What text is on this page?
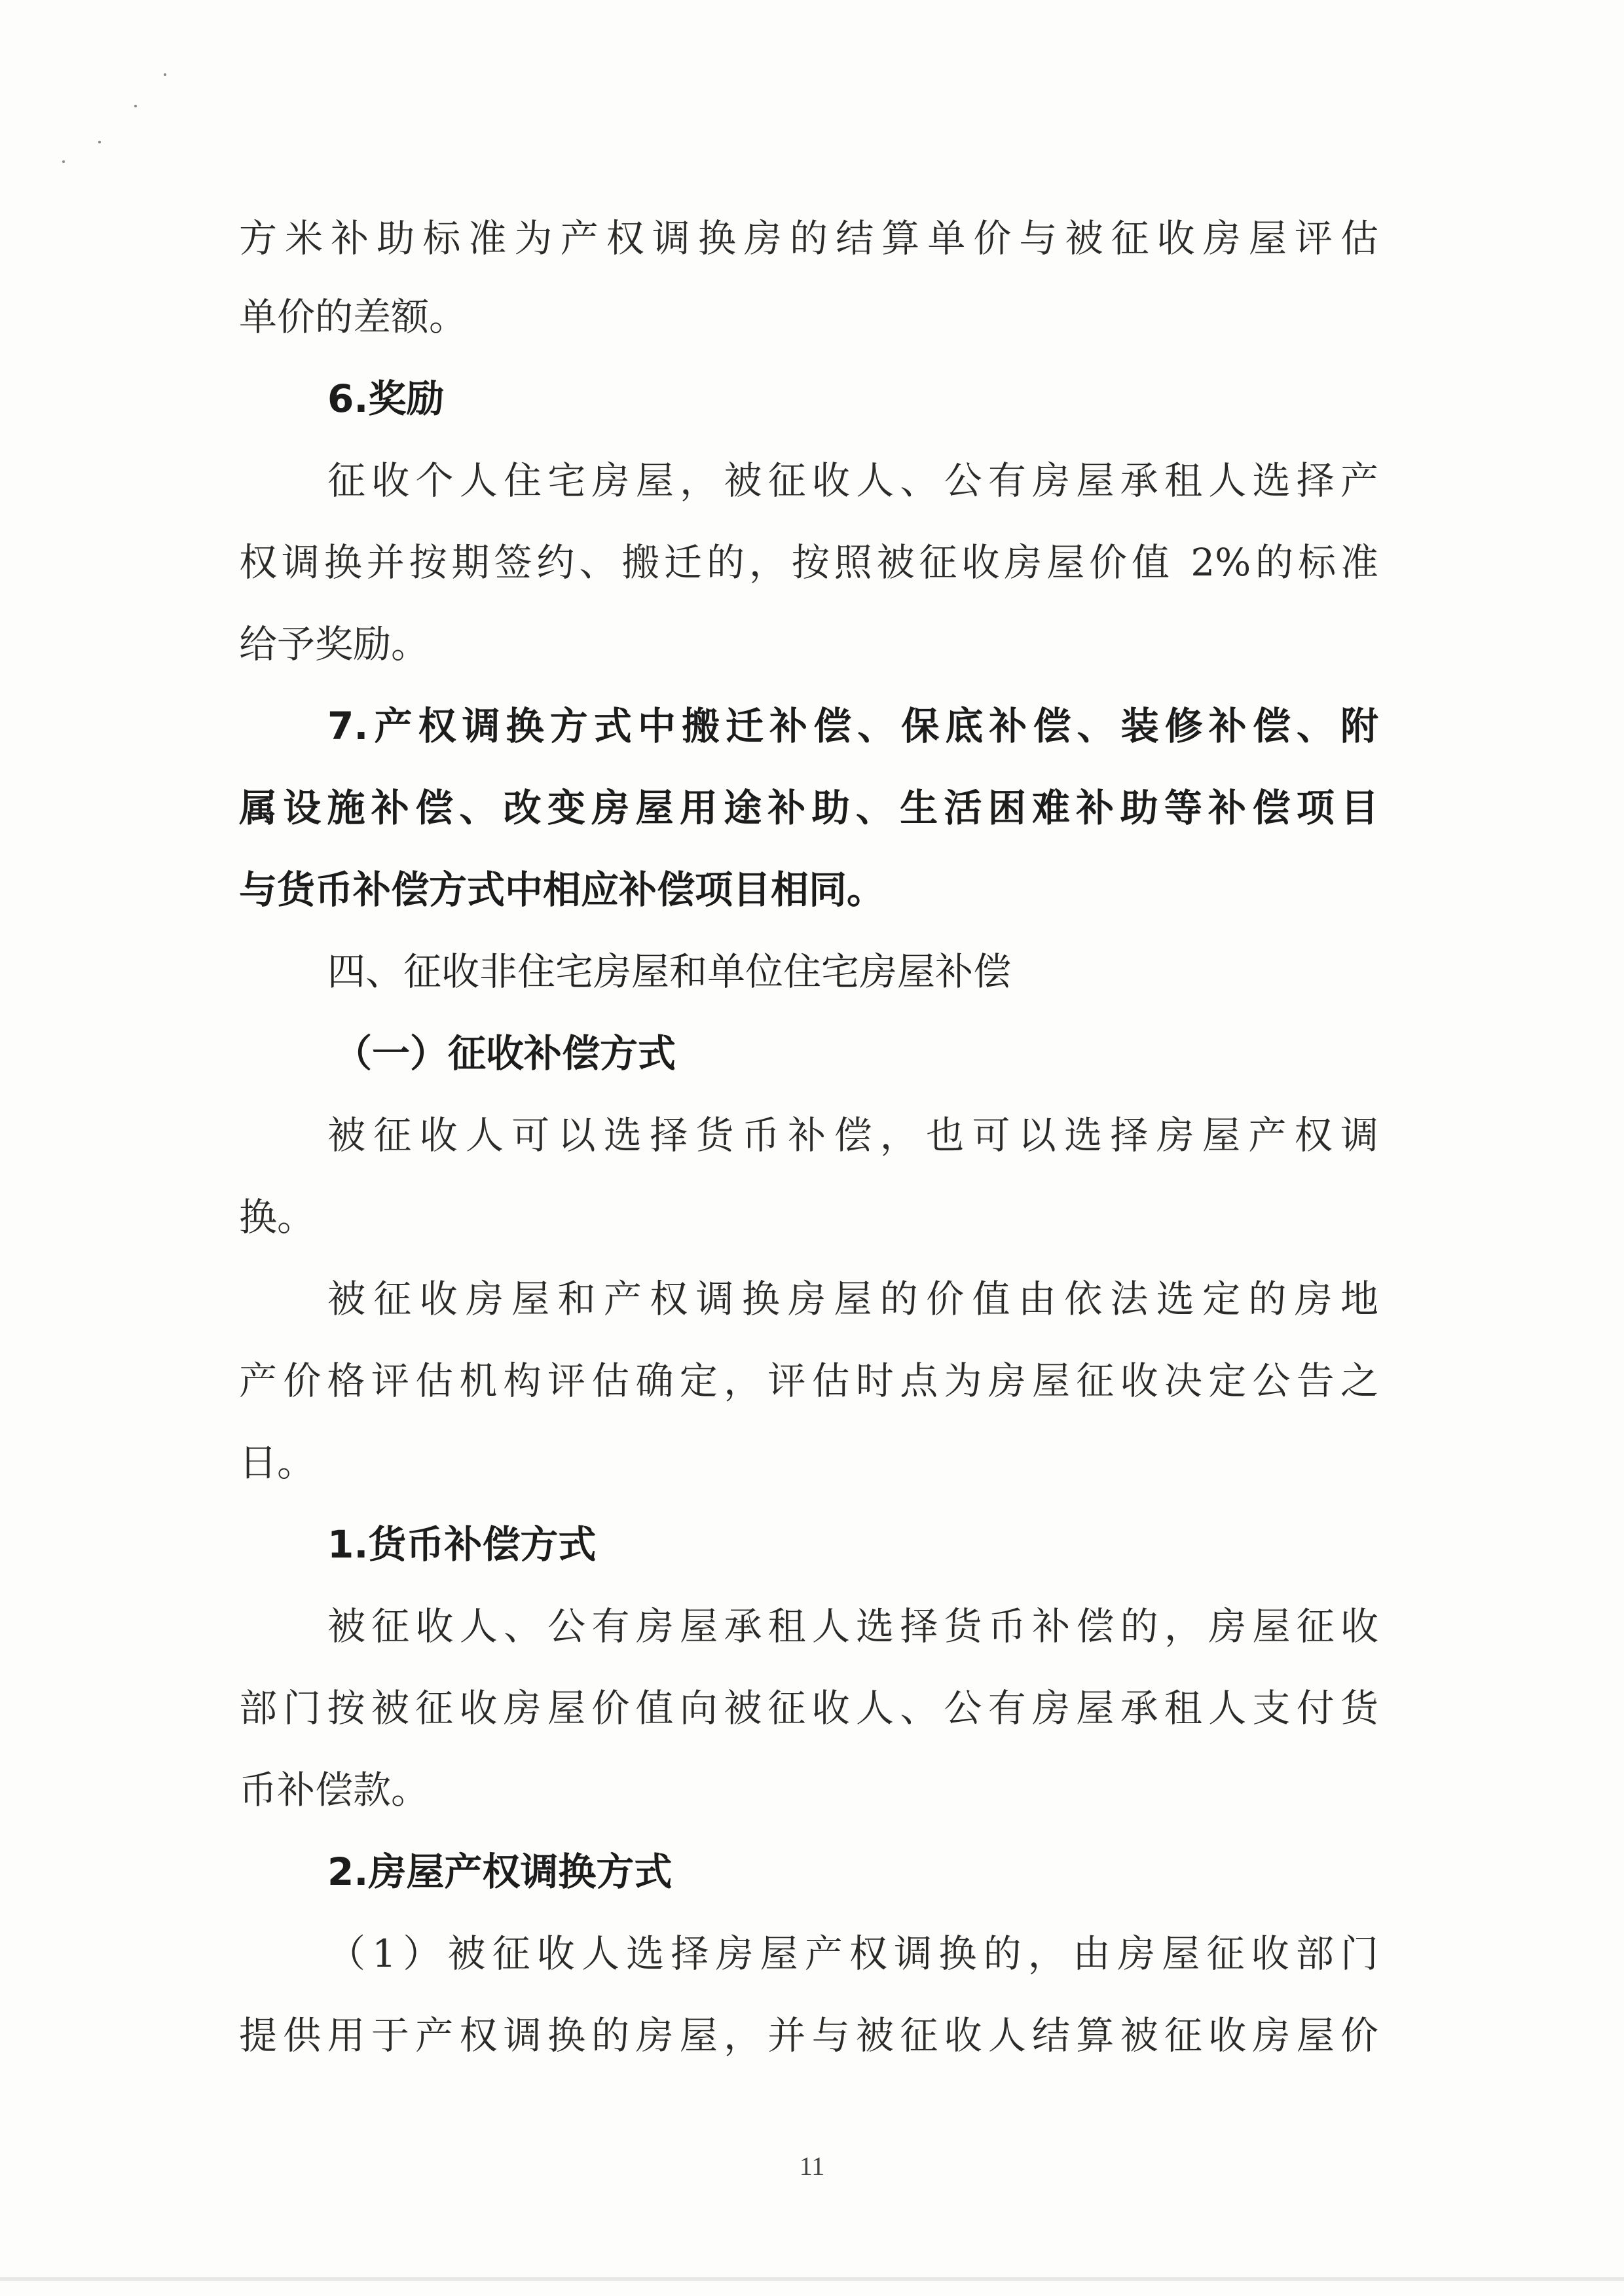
方米补助标准为产权调换房的结算单价与被征收房屋评估
单价的差额。
6.奖励
征收个人住宅房屋，被征收人、公有房屋承租人选择产
权调换并按期签约、搬迁的，按照被征收房屋价值 2%的标准
给予奖励。
7.产权调换方式中搬迁补偿、保底补偿、装修补偿、附
属设施补偿、改变房屋用途补助、生活困难补助等补偿项目
与货币补偿方式中相应补偿项目相同。
四、征收非住宅房屋和单位住宅房屋补偿
（一）征收补偿方式
被征收人可以选择货币补偿，也可以选择房屋产权调
换。
被征收房屋和产权调换房屋的价值由依法选定的房地
产价格评估机构评估确定，评估时点为房屋征收决定公告之
日。
1.货币补偿方式
被征收人、公有房屋承租人选择货币补偿的，房屋征收
部门按被征收房屋价值向被征收人、公有房屋承租人支付货
币补偿款。
2.房屋产权调换方式
（1）被征收人选择房屋产权调换的，由房屋征收部门
提供用于产权调换的房屋，并与被征收人结算被征收房屋价
11
